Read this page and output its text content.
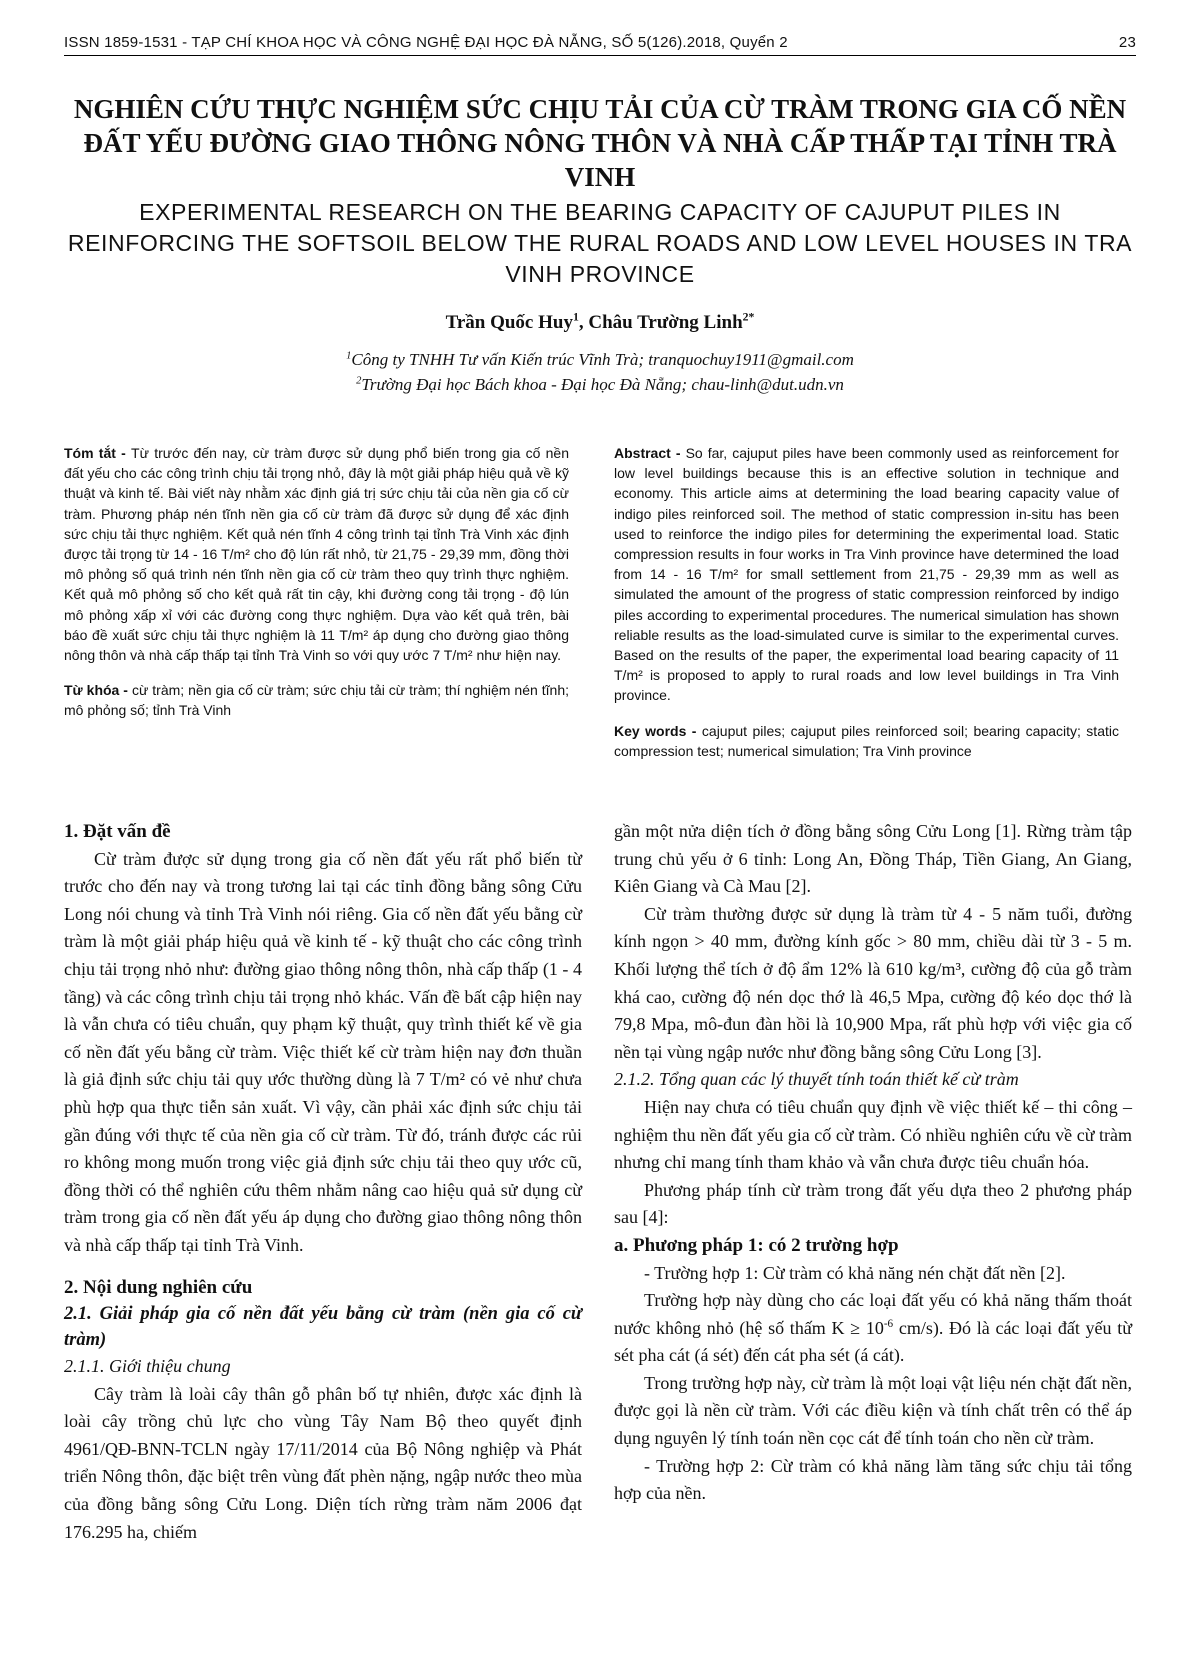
ISSN 1859-1531 - TẠP CHÍ KHOA HỌC VÀ CÔNG NGHỆ ĐẠI HỌC ĐÀ NẴNG, SỐ 5(126).2018, Quyển 2	23
NGHIÊN CỨU THỰC NGHIỆM SỨC CHỊU TẢI CỦA CỪ TRÀM TRONG GIA CỐ NỀN ĐẤT YẾU ĐƯỜNG GIAO THÔNG NÔNG THÔN VÀ NHÀ CẤP THẤP TẠI TỈNH TRÀ VINH
EXPERIMENTAL RESEARCH ON THE BEARING CAPACITY OF CAJUPUT PILES IN REINFORCING THE SOFTSOIL BELOW THE RURAL ROADS AND LOW LEVEL HOUSES IN TRA VINH PROVINCE
Trần Quốc Huy$^1$, Châu Trường Linh$^{2*}$
$^1$Công ty TNHH Tư vấn Kiến trúc Vĩnh Trà; tranquochuy1911@gmail.com
$^2$Trường Đại học Bách khoa - Đại học Đà Nẵng; chau-linh@dut.udn.vn

Tóm tắt - Từ trước đến nay, cừ tràm được sử dụng phổ biến trong gia cố nền đất yếu cho các công trình chịu tải trọng nhỏ, đây là một giải pháp hiệu quả về kỹ thuật và kinh tế. Bài viết này nhằm xác định giá trị sức chịu tải của nền gia cố cừ tràm. Phương pháp nén tĩnh nền gia cố cừ tràm đã được sử dụng để xác định sức chịu tải thực nghiệm. Kết quả nén tĩnh 4 công trình tại tỉnh Trà Vinh xác định được tải trọng từ 14 - 16 T/m² cho độ lún rất nhỏ, từ 21,75 - 29,39 mm, đồng thời mô phỏng số quá trình nén tĩnh nền gia cố cừ tràm theo quy trình thực nghiệm. Kết quả mô phỏng số cho kết quả rất tin cậy, khi đường cong tải trọng - độ lún mô phỏng xấp xỉ với các đường cong thực nghiệm. Dựa vào kết quả trên, bài báo đề xuất sức chịu tải thực nghiệm là 11 T/m² áp dụng cho đường giao thông nông thôn và nhà cấp thấp tại tỉnh Trà Vinh so với quy ước 7 T/m² như hiện nay.

Từ khóa - cừ tràm; nền gia cố cừ tràm; sức chịu tải cừ tràm; thí nghiệm nén tĩnh; mô phỏng số; tỉnh Trà Vinh

Abstract - So far, cajuput piles have been commonly used as reinforcement for low level buildings because this is an effective solution in technique and economy. This article aims at determining the load bearing capacity value of indigo piles reinforced soil. The method of static compression in-situ has been used to reinforce the indigo piles for determining the experimental load. Static compression results in four works in Tra Vinh province have determined the load from 14 - 16 T/m² for small settlement from 21,75 - 29,39 mm as well as simulated the amount of the progress of static compression reinforced by indigo piles according to experimental procedures. The numerical simulation has shown reliable results as the load-simulated curve is similar to the experimental curves. Based on the results of the paper, the experimental load bearing capacity of 11 T/m² is proposed to apply to rural roads and low level buildings in Tra Vinh province.

Key words - cajuput piles; cajuput piles reinforced soil; bearing capacity; static compression test; numerical simulation; Tra Vinh province

1. Đặt vấn đề

Cừ tràm được sử dụng trong gia cố nền đất yếu rất phổ biến từ trước cho đến nay và trong tương lai tại các tỉnh đồng bằng sông Cửu Long nói chung và tỉnh Trà Vinh nói riêng. Gia cố nền đất yếu bằng cừ tràm là một giải pháp hiệu quả về kinh tế - kỹ thuật cho các công trình chịu tải trọng nhỏ như: đường giao thông nông thôn, nhà cấp thấp (1 - 4 tầng) và các công trình chịu tải trọng nhỏ khác. Vấn đề bất cập hiện nay là vẫn chưa có tiêu chuẩn, quy phạm kỹ thuật, quy trình thiết kế về gia cố nền đất yếu bằng cừ tràm. Việc thiết kế cừ tràm hiện nay đơn thuần là giả định sức chịu tải quy ước thường dùng là 7 T/m² có vẻ như chưa phù hợp qua thực tiễn sản xuất. Vì vậy, cần phải xác định sức chịu tải gần đúng với thực tế của nền gia cố cừ tràm. Từ đó, tránh được các rủi ro không mong muốn trong việc giả định sức chịu tải theo quy ước cũ, đồng thời có thể nghiên cứu thêm nhằm nâng cao hiệu quả sử dụng cừ tràm trong gia cố nền đất yếu áp dụng cho đường giao thông nông thôn và nhà cấp thấp tại tỉnh Trà Vinh.

2. Nội dung nghiên cứu

2.1. Giải pháp gia cố nền đất yếu bằng cừ tràm (nền gia cố cừ tràm)

2.1.1. Giới thiệu chung

Cây tràm là loài cây thân gỗ phân bố tự nhiên, được xác định là loài cây trồng chủ lực cho vùng Tây Nam Bộ theo quyết định 4961/QĐ-BNN-TCLN ngày 17/11/2014 của Bộ Nông nghiệp và Phát triển Nông thôn, đặc biệt trên vùng đất phèn nặng, ngập nước theo mùa của đồng bằng sông Cửu Long. Diện tích rừng tràm năm 2006 đạt 176.295 ha, chiếm

gần một nửa diện tích ở đồng bằng sông Cửu Long [1]. Rừng tràm tập trung chủ yếu ở 6 tỉnh: Long An, Đồng Tháp, Tiền Giang, An Giang, Kiên Giang và Cà Mau [2].

Cừ tràm thường được sử dụng là tràm từ 4 - 5 năm tuổi, đường kính ngọn > 40 mm, đường kính gốc > 80 mm, chiều dài từ 3 - 5 m. Khối lượng thể tích ở độ ẩm 12% là 610 kg/m³, cường độ của gỗ tràm khá cao, cường độ nén dọc thớ là 46,5 Mpa, cường độ kéo dọc thớ là 79,8 Mpa, mô-đun đàn hồi là 10,900 Mpa, rất phù hợp với việc gia cố nền tại vùng ngập nước như đồng bằng sông Cửu Long [3].

2.1.2. Tổng quan các lý thuyết tính toán thiết kế cừ tràm

Hiện nay chưa có tiêu chuẩn quy định về việc thiết kế – thi công – nghiệm thu nền đất yếu gia cố cừ tràm. Có nhiều nghiên cứu về cừ tràm nhưng chỉ mang tính tham khảo và vẫn chưa được tiêu chuẩn hóa.

Phương pháp tính cừ tràm trong đất yếu dựa theo 2 phương pháp sau [4]:

a. Phương pháp 1: có 2 trường hợp

- Trường hợp 1: Cừ tràm có khả năng nén chặt đất nền [2].

Trường hợp này dùng cho các loại đất yếu có khả năng thấm thoát nước không nhỏ (hệ số thấm $K \ge 10^{-6}$ cm/s). Đó là các loại đất yếu từ sét pha cát (á sét) đến cát pha sét (á cát).

Trong trường hợp này, cừ tràm là một loại vật liệu nén chặt đất nền, được gọi là nền cừ tràm. Với các điều kiện và tính chất trên có thể áp dụng nguyên lý tính toán nền cọc cát để tính toán cho nền cừ tràm.

- Trường hợp 2: Cừ tràm có khả năng làm tăng sức chịu tải tổng hợp của nền.
